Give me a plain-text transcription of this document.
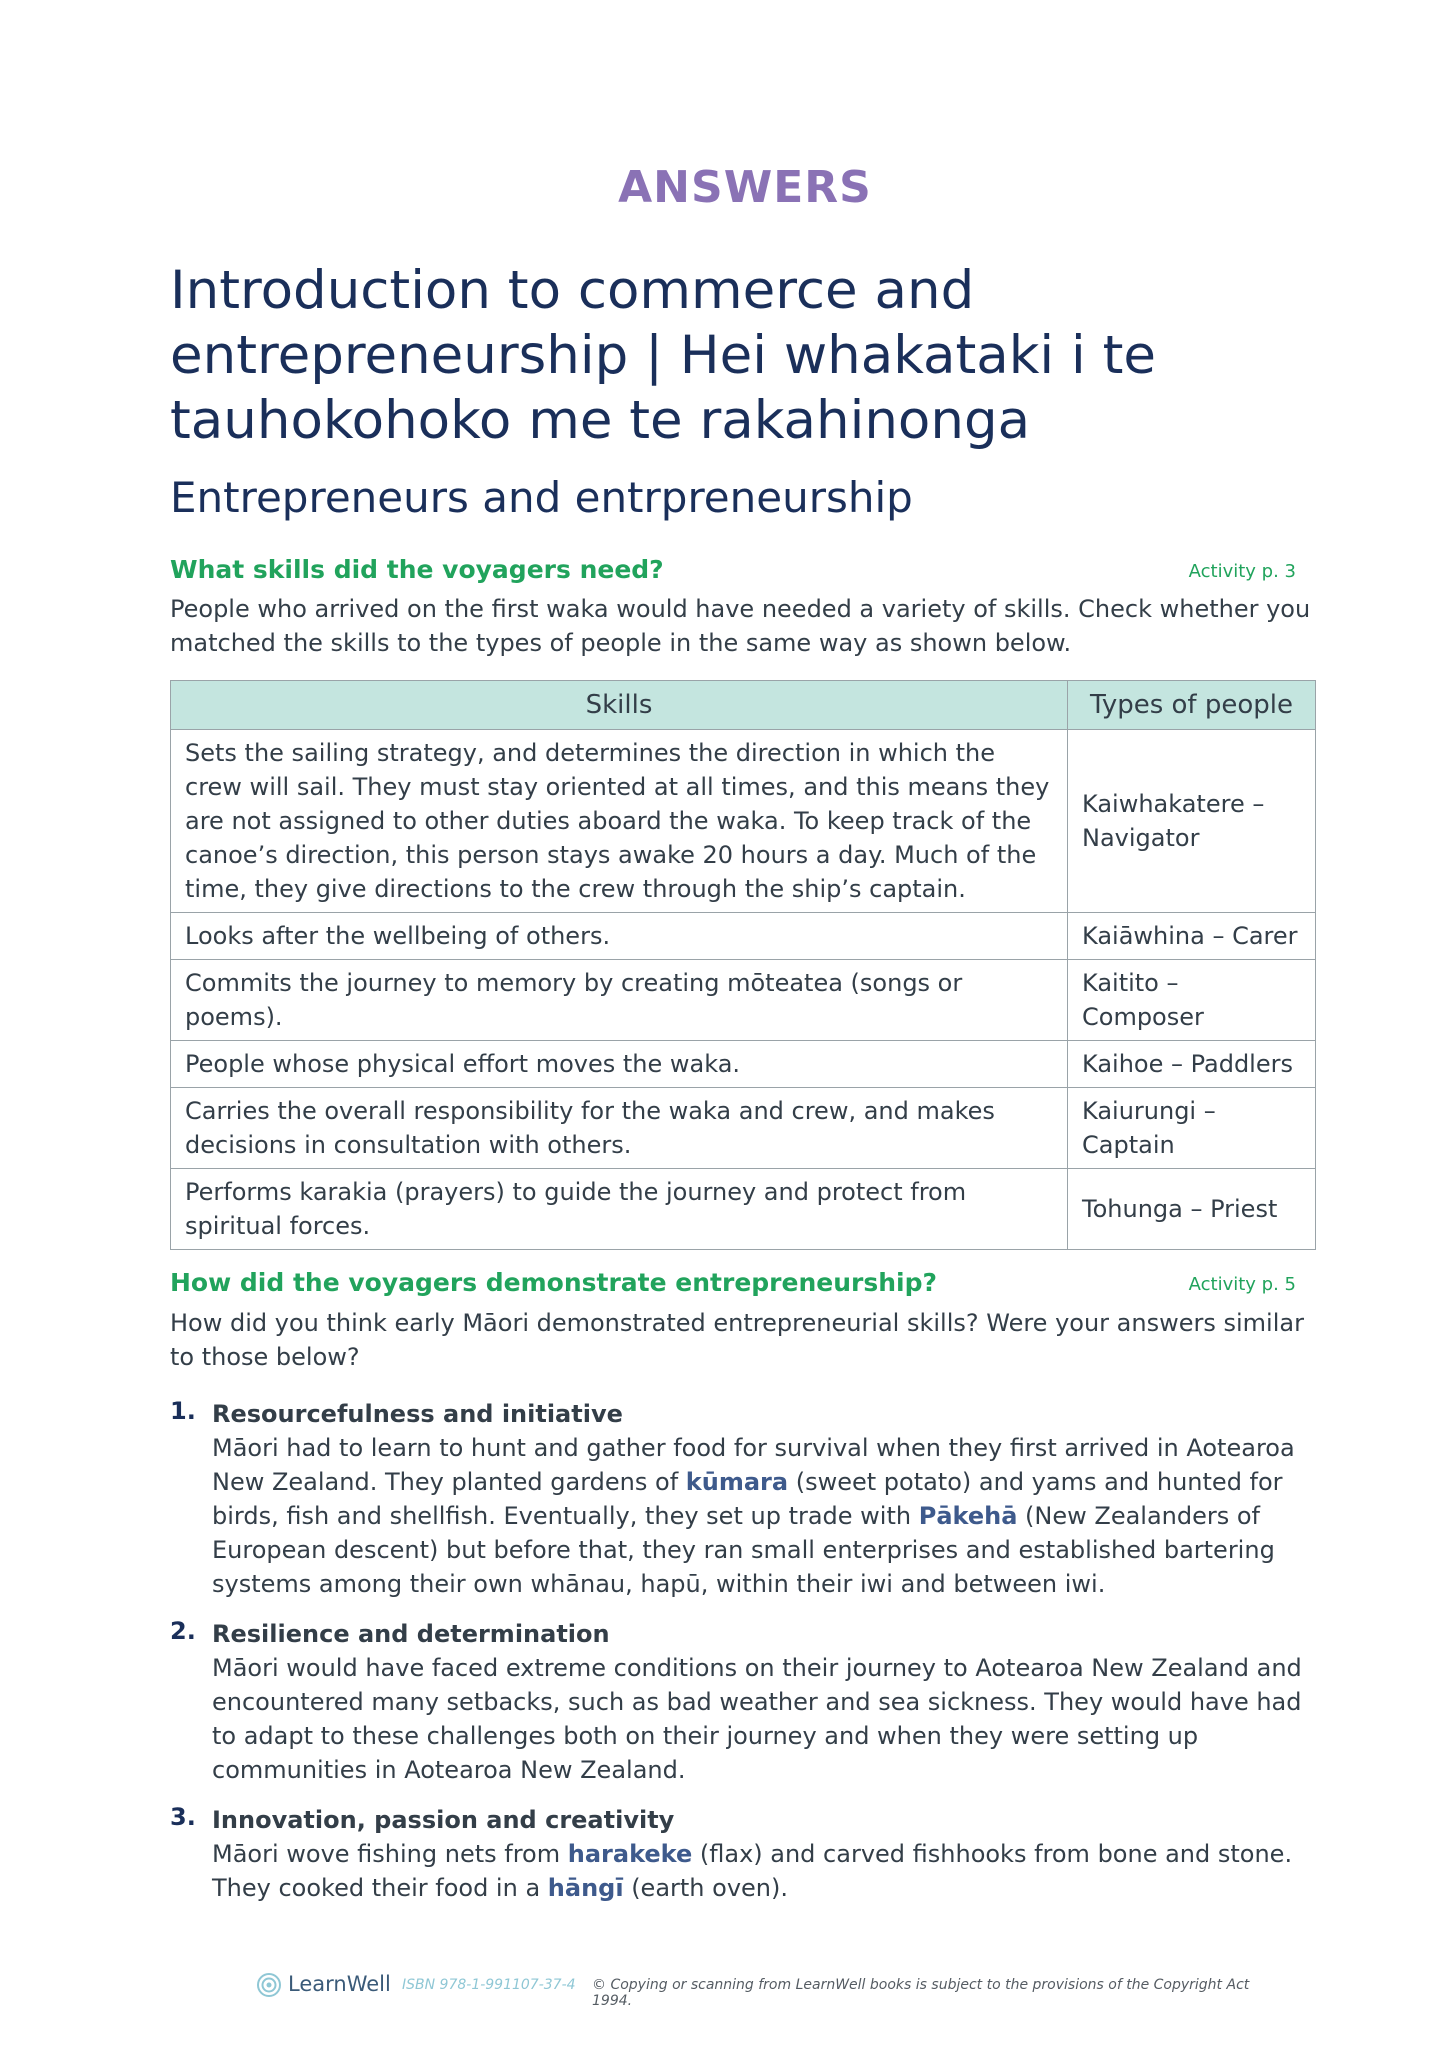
ANSWERS
Introduction to commerce and entrepreneurship | Hei whakataki i te tauhokohoko me te rakahinonga
Entrepreneurs and entrpreneurship
What skills did the voyagers need?	Activity p. 3

People who arrived on the first waka would have needed a variety of skills. Check whether you matched the skills to the types of people in the same way as shown below.

Skills	Types of people
Sets the sailing strategy, and determines the direction in which the crew will sail. They must stay oriented at all times, and this means they are not assigned to other duties aboard the waka. To keep track of the canoe’s direction, this person stays awake 20 hours a day. Much of the time, they give directions to the crew through the ship’s captain.	Kaiwhakatere – Navigator
Looks after the wellbeing of others.	Kaiāwhina – Carer
Commits the journey to memory by creating mōteatea (songs or poems).	Kaitito – Composer
People whose physical effort moves the waka.	Kaihoe – Paddlers
Carries the overall responsibility for the waka and crew, and makes decisions in consultation with others.	Kaiurungi – Captain
Performs karakia (prayers) to guide the journey and protect from spiritual forces.	Tohunga – Priest
How did the voyagers demonstrate entrepreneurship?	Activity p. 5

How did you think early Māori demonstrated entrepreneurial skills? Were your answers similar to those below?

1. Resourcefulness and initiative
Māori had to learn to hunt and gather food for survival when they first arrived in Aotearoa New Zealand. They planted gardens of kūmara (sweet potato) and yams and hunted for birds, fish and shellfish. Eventually, they set up trade with Pākehā (New Zealanders of European descent) but before that, they ran small enterprises and established bartering systems among their own whānau, hapū, within their iwi and between iwi.
2. Resilience and determination
Māori would have faced extreme conditions on their journey to Aotearoa New Zealand and encountered many setbacks, such as bad weather and sea sickness. They would have had to adapt to these challenges both on their journey and when they were setting up communities in Aotearoa New Zealand.
3. Innovation, passion and creativity
Māori wove fishing nets from harakeke (flax) and carved fishhooks from bone and stone. They cooked their food in a hāngī (earth oven).
LearnWell ISBN 978-1-991107-37-4 © Copying or scanning from LearnWell books is subject to the provisions of the Copyright Act 1994.
